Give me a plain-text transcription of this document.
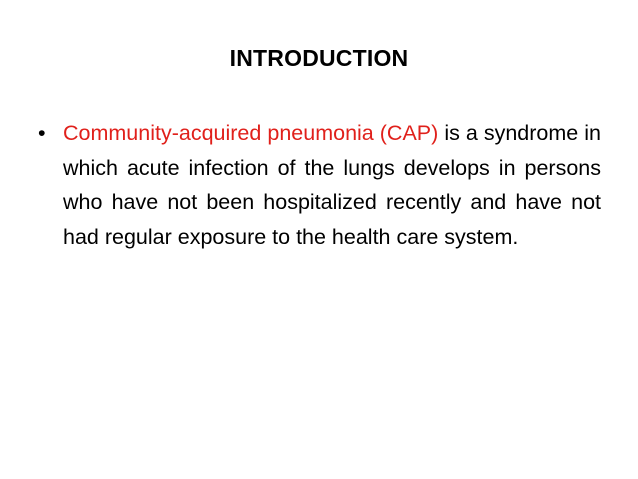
INTRODUCTION
• Community-acquired pneumonia (CAP) is a syndrome in which acute infection of the lungs develops in persons who have not been hospitalized recently and have not had regular exposure to the health care system.
